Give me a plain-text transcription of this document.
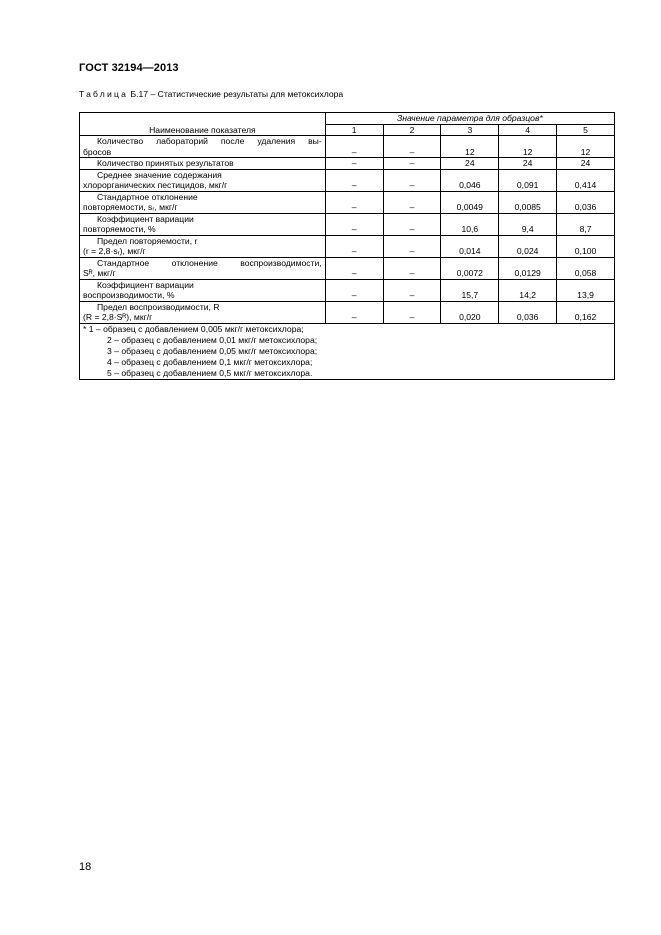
ГОСТ 32194—2013
Таблица Б.17 – Статистические результаты для метоксихлора
Наименование показателя	Значение параметра для образцов*				
	1	2	3	4	5

Количество лабораторий после удаления вы-
бросов	–	–	12	12	12

Количество принятых результатов	–	–	24	24	24

Среднее значение содержания
хлорорганических пестицидов, мкг/г	–	–	0,046	0,091	0,414

Стандартное отклонение
повторяемости, sᵣ, мкг/г	–	–	0,0049	0,0085	0,036

Коэффициент вариации
повторяемости, %	–	–	10,6	9,4	8,7

Предел повторяемости, r
(r = 2,8·sᵣ), мкг/г	–	–	0,014	0,024	0,100

Стандартное отклонение воспроизводимости,
Sᴿ, мкг/г	–	–	0,0072	0,0129	0,058

Коэффициент вариации
воспроизводимости, %	–	–	15,7	14,2	13,9

Предел воспроизводимости, R
(R = 2,8·Sᴿ), мкг/г	–	–	0,020	0,036	0,162

* 1 – образец с добавлением 0,005 мкг/г метоксихлора;
2 – образец с добавлением 0,01 мкг/г метоксихлора;
3 – образец с добавлением 0,05 мкг/г метоксихлора;
4 – образец с добавлением 0,1 мкг/г метоксихлора;
5 – образец с добавлением 0,5 мкг/г метоксихлора.					
18
